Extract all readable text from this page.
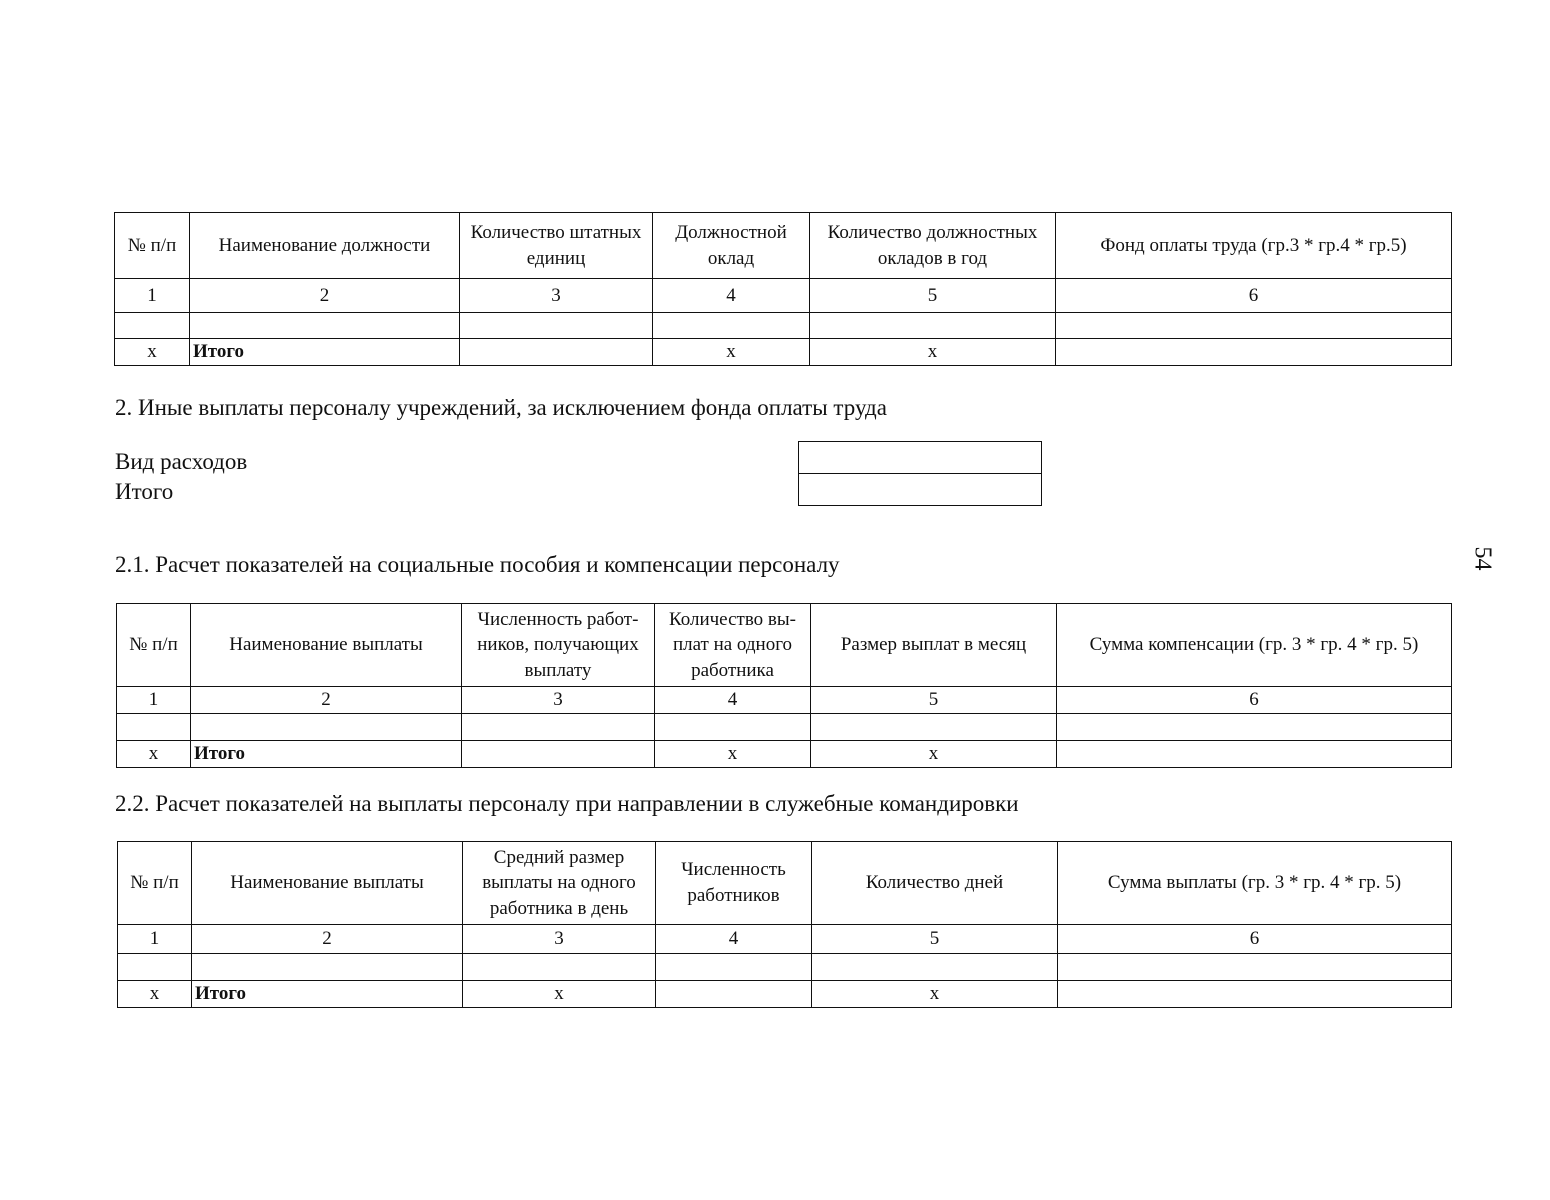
№ п/п	Наименование должности	Количество штатных единиц	Должностной оклад	Количество должностных окладов в год	Фонд оплаты труда (гр.3 * гр.4 * гр.5)
1	2	3	4	5	6

x	Итого		x	x	
2. Иные выплаты персоналу учреждений, за исключением фонда оплаты труда
Вид расходов
Итого

54
2.1. Расчет показателей на социальные пособия и компенсации персоналу
№ п/п	Наименование выплаты	Численность работ-ников, получающих выплату	Количество вы-плат на одного работника	Размер выплат в месяц	Сумма компенсации (гр. 3 * гр. 4 * гр. 5)
1	2	3	4	5	6

x	Итого		x	x	
2.2. Расчет показателей на выплаты персоналу при направлении в служебные командировки
№ п/п	Наименование выплаты	Средний размер выплаты на одного работника в день	Численность работников	Количество дней	Сумма выплаты (гр. 3 * гр. 4 * гр. 5)
1	2	3	4	5	6

x	Итого	x		x	
